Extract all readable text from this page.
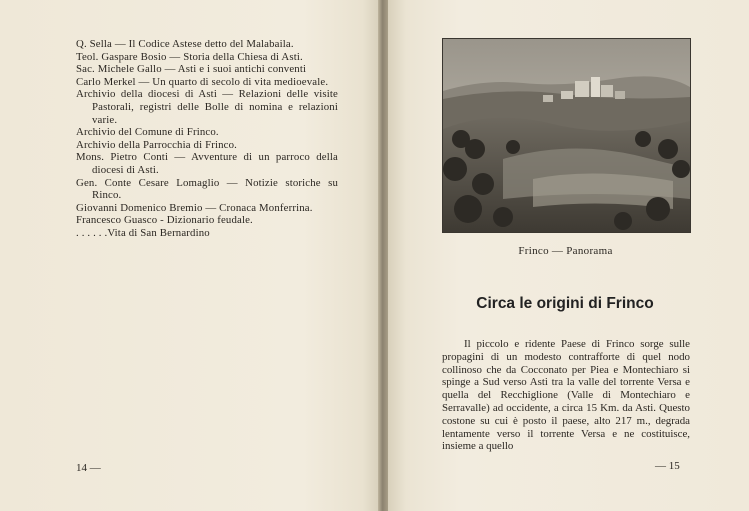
Q. Sella — Il Codice Astese detto del Malabaila.
Teol. Gaspare Bosio — Storia della Chiesa di Asti.
Sac. Michele Gallo — Asti e i suoi antichi conventi
Carlo Merkel — Un quarto di secolo di vita medioevale.
Archivio della diocesi di Asti — Relazioni delle visite Pastorali, registri delle Bolle di nomina e relazioni varie.
Archivio del Comune di Frinco.
Archivio della Parrocchia di Frinco.
Mons. Pietro Conti — Avventure di un parroco della diocesi di Asti.
Gen. Conte Cesare Lomaglio — Notizie storiche su Rinco.
Giovanni Domenico Bremio — Cronaca Monferrina.
Francesco Guasco - Dizionario feudale.
. . . . . .Vita di San Bernardino
14 —
Frinco — Panorama
Circa le origini di Frinco
Il piccolo e ridente Paese di Frinco sorge sulle propagini di un modesto contrafforte di quel nodo collinoso che da Cocconato per Piea e Montechiaro si spinge a Sud verso Asti tra la valle del torrente Versa e quella del Recchiglione (Valle di Montechiaro e Serravalle) ad occidente, a circa 15 Km. da Asti. Questo costone su cui è posto il paese, alto 217 m., degrada lentamente verso il torrente Versa e ne costituisce, insieme a quello
— 15
